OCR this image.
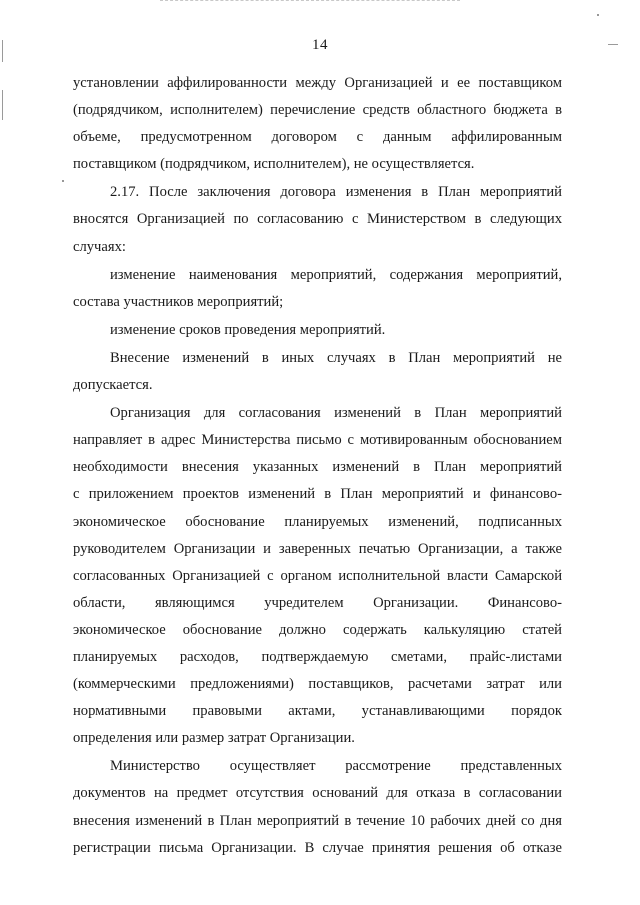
14
установлении аффилированности между Организацией и ее поставщиком
(подрядчиком, исполнителем) перечисление средств областного бюджета в
объеме, предусмотренном договором с данным аффилированным
поставщиком (подрядчиком, исполнителем), не осуществляется.
2.17. После заключения договора изменения в План мероприятий
вносятся Организацией по согласованию с Министерством в следующих
случаях:
изменение наименования мероприятий, содержания мероприятий,
состава участников мероприятий;
изменение сроков проведения мероприятий.
Внесение изменений в иных случаях в План мероприятий не
допускается.
Организация для согласования изменений в План мероприятий
направляет в адрес Министерства письмо с мотивированным обоснованием
необходимости внесения указанных изменений в План мероприятий
с приложением проектов изменений в План мероприятий и финансово-
экономическое обоснование планируемых изменений, подписанных
руководителем Организации и заверенных печатью Организации, а также
согласованных Организацией с органом исполнительной власти Самарской
области, являющимся учредителем Организации. Финансово-
экономическое обоснование должно содержать калькуляцию статей
планируемых расходов, подтверждаемую сметами, прайс-листами
(коммерческими предложениями) поставщиков, расчетами затрат или
нормативными правовыми актами, устанавливающими порядок
определения или размер затрат Организации.
Министерство осуществляет рассмотрение представленных
документов на предмет отсутствия оснований для отказа в согласовании
внесения изменений в План мероприятий в течение 10 рабочих дней со дня
регистрации письма Организации. В случае принятия решения об отказе
